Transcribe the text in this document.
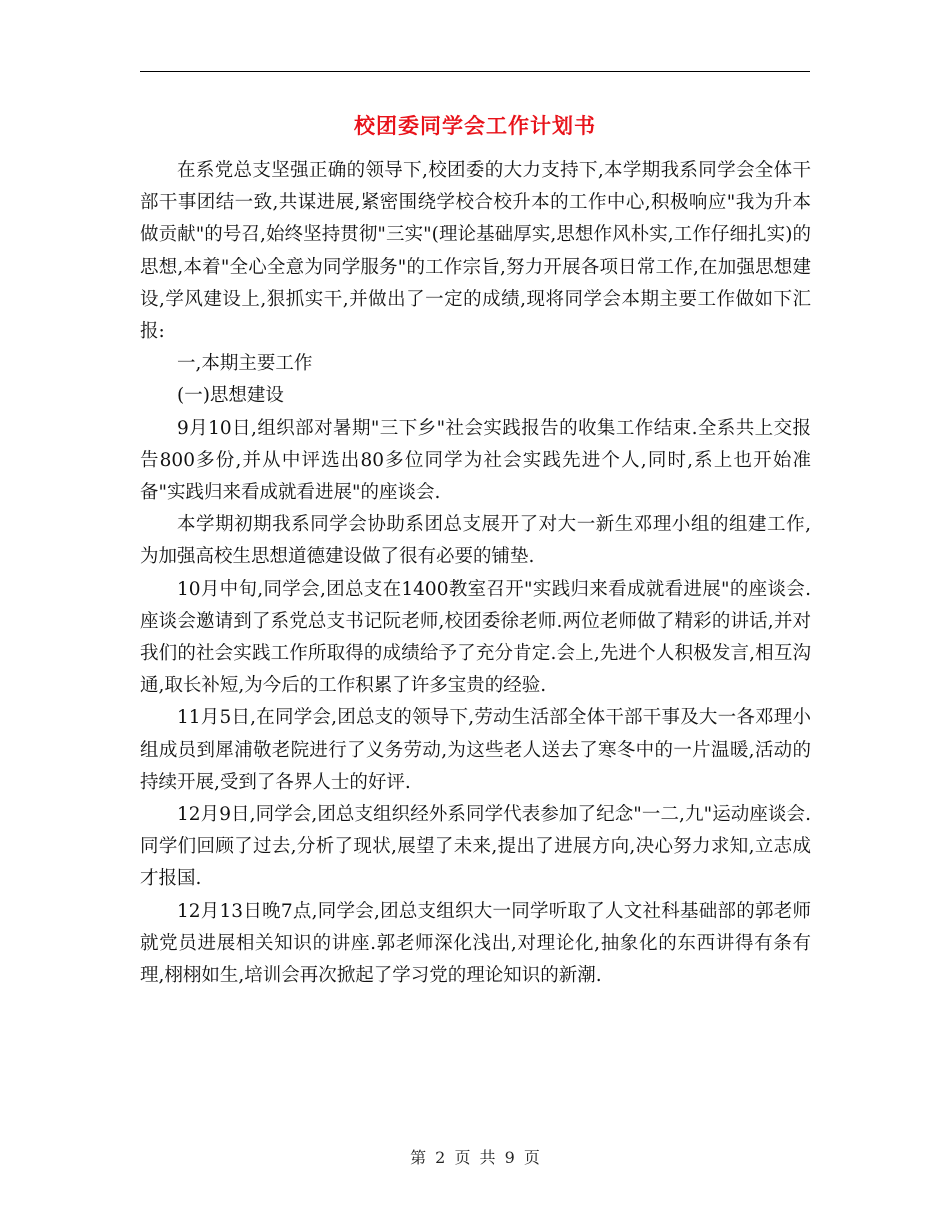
校团委同学会工作计划书

在系党总支坚强正确的领导下,校团委的大力支持下,本学期我系同学会全体干部干事团结一致,共谋进展,紧密围绕学校合校升本的工作中心,积极响应"我为升本做贡献"的号召,始终坚持贯彻"三实"(理论基础厚实,思想作风朴实,工作仔细扎实)的思想,本着"全心全意为同学服务"的工作宗旨,努力开展各项日常工作,在加强思想建设,学风建设上,狠抓实干,并做出了一定的成绩,现将同学会本期主要工作做如下汇报:

一,本期主要工作

(一)思想建设

9月10日,组织部对暑期"三下乡"社会实践报告的收集工作结束.全系共上交报告800多份,并从中评选出80多位同学为社会实践先进个人,同时,系上也开始准备"实践归来看成就看进展"的座谈会.

本学期初期我系同学会协助系团总支展开了对大一新生邓理小组的组建工作,为加强高校生思想道德建设做了很有必要的铺垫.

10月中旬,同学会,团总支在1400教室召开"实践归来看成就看进展"的座谈会.座谈会邀请到了系党总支书记阮老师,校团委徐老师.两位老师做了精彩的讲话,并对我们的社会实践工作所取得的成绩给予了充分肯定.会上,先进个人积极发言,相互沟通,取长补短,为今后的工作积累了许多宝贵的经验.

11月5日,在同学会,团总支的领导下,劳动生活部全体干部干事及大一各邓理小组成员到犀浦敬老院进行了义务劳动,为这些老人送去了寒冬中的一片温暖,活动的持续开展,受到了各界人士的好评.

12月9日,同学会,团总支组织经外系同学代表参加了纪念"一二,九"运动座谈会.同学们回顾了过去,分析了现状,展望了未来,提出了进展方向,决心努力求知,立志成才报国.

12月13日晚7点,同学会,团总支组织大一同学听取了人文社科基础部的郭老师就党员进展相关知识的讲座.郭老师深化浅出,对理论化,抽象化的东西讲得有条有理,栩栩如生,培训会再次掀起了学习党的理论知识的新潮.

第 2 页 共 9 页
